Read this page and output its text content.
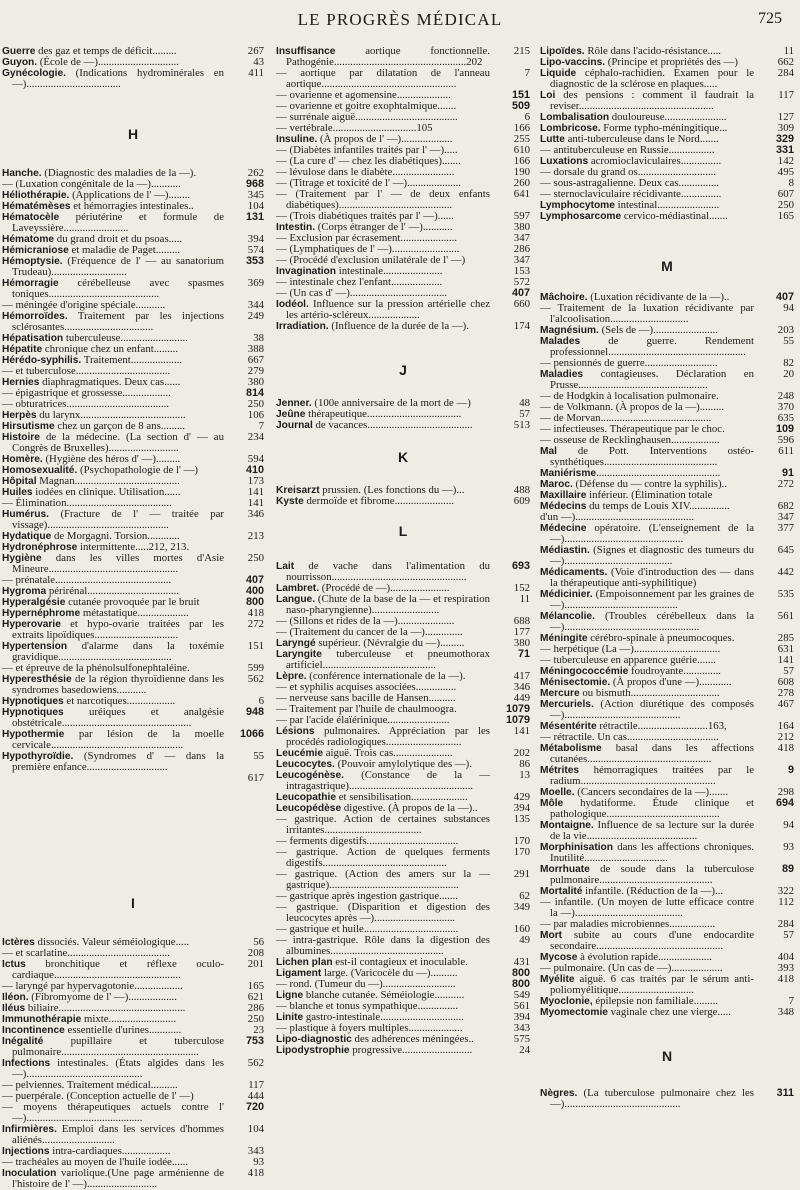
LE PROGRÈS MÉDICAL	725

267
Guerre des gaz et temps de déficit.........

43
Guyon. (École de —)..............................

411
Gynécologie. (Indications hydrominérales en —)...................................

H

262
Hanche. (Diagnostic des maladies de la —).

968
— (Luxation congénitale de la —)...........

345
Héliothérapie. (Applications de l' —)........

104
Hématémèses et hémorragies intestinales..

131
Hématocèle périutérine et formule de Laveyssière........................

394
Hématome du grand droit et du psoas.....

574
Hémicraniose et maladie de Paget.........

353
Hémoptysie. (Fréquence de l' — au sanatorium Trudeau)............................

369
Hémorragie cérébelleuse avec spasmes toniques.........................................

344
— méningée d'origine spéciale...........

249
Hémorroïdes. Traitement par les injections sclérosantes.................................

38
Hépatisation tuberculeuse.........................

388
Hépatite chronique chez un enfant.........

667
Hérédo-syphilis. Traitement...................

279
— et tuberculose...................................

380
Hernies diaphragmatiques. Deux cas......

814
— épigastrique et grossesse..................

250
— obturatrices......................................

106
Herpès du larynx.......................................

7
Hirsutisme chez un garçon de 8 ans.........

234
Histoire de la médecine. (La section d' — au Congrès de Bruxelles)..........................

594
Homère. (Hygiène des héros d' —).........

410
Homosexualité. (Psychopathologie de l' —)

173
Hôpital Magnan.......................................

141
Huiles iodées en clinique. Utilisation......

141
— Élimination.......................................

346
Humérus. (Fracture de l' — traitée par vissage).............................................

213
Hydatique de Morgagni. Torsion............

Hydronéphrose intermittente.....212, 213.

250
Hygiène dans les villes mortes d'Asie Mineure................................................

407
— prénatale...........................................

400
Hygroma périrénal..................................

800
Hyperalgésie cutanée provoquée par le bruit

418
Hypernéphrome métastatique...................

272
Hyperovarie et hypo-ovarie traitées par les extraits lipoïdiques...............................

151
Hypertension d'alarme dans la toxémie gravidique..........................................

599
— et épreuve de la phénolsulfonephtaléine.

562
Hyperesthésie de la région thyroïdienne dans les syndromes basedowiens...........

6
Hypnotiques et narcotiques..................

948
Hypnotiques uréiques et analgésie obstétricale................................................

1066
Hypothermie par lésion de la moelle cervicale.................................................

55
Hypothyroïdie. (Syndromes d' — dans la première enfance..............................

617

I

56
Ictères dissociés. Valeur séméiologique.....

208
— et scarlatine......................................

201
Ictus bronchitique et réflexe oculo-cardiaque...............................................

165
— laryngé par hypervagotonie..................

621
Iléon. (Fibromyome de l' —)..................

286
Iléus biliaire...............................................

250
Immunothérapie mixte.........................

23
Incontinence essentielle d'urines............

753
Inégalité pupillaire et tuberculose pulmonaire...................................................

562
Infections intestinales. (États algides dans les —)...........................................

117
— pelviennes. Traitement médical..........

444
— puerpérale. (Conception actuelle de l' —)

720
— moyens thérapeutiques actuels contre l' —)...........................................

104
Infirmières. Emploi dans les services d'hommes aliénés...........................

343
Injections intra-cardiaques..................

93
— trachéales au moyen de l'huile iodée......

418
Inoculation variolique.(Une page arménienne de l'histoire de l' —)..........................

215
Insuffisance aortique fonctionnelle. Pathogénie.................................................202

7
— aortique par dilatation de l'anneau aortique..................................................

151
— ovarienne et agomensine....................

509
— ovarienne et goitre exophtalmique.......

6
— surrénale aiguë......................................

166
— vertébrale...............................105

255
Insuline. (À propos de l' —)...................

610
— (Diabètes infantiles traités par l' —).....

166
— (La cure d' — chez les diabétiques).......

190
— lévulose dans le diabète.......................

260
— (Titrage et toxicité de l' —)....................

641
— (Traitement par l' — de deux enfants diabétiques)..........................................

597
— (Trois diabétiques traités par l' —)......

380
Intestin. (Corps étranger de l' —)...........

347
— Exclusion par écrasement.....................

286
— (Lymphatiques de l' —).........................

347
— (Procédé d'exclusion unilatérale de l' —)

153
Invagination intestinale......................

572
— intestinale chez l'enfant...................

407
— (Un cas d' —)....................................

660
Iodéol. Influence sur la pression artérielle chez les artério-scléreux...................

174
Irradiation. (Influence de la durée de la —).

J

48
Jenner. (100e anniversaire de la mort de —)

57
Jeûne thérapeutique...................................

513
Journal de vacances.......................................

K

488
Kreisarzt prussien. (Les fonctions du —)...

609
Kyste dermoïde et fibrome......................

L

693
Lait de vache dans l'alimentation du nourrisson..................................................

152
Lambret. (Procédé de —)......................

11
Langue. (Chute de la base de la — et respiration naso-pharyngienne).........................

688
— (Sillons et rides de la —).....................

177
— (Traitement du cancer de la —)..............

380
Laryngé supérieur. (Névralgie du —).........

71
Laryngite tuberculeuse et pneumothorax artificiel..........................................

417
Lèpre. (conférence internationale de la —).

346
— et syphilis acquises associées...............

449
— nerveuse sans bacille de Hansen..........

1079
— Traitement par l'huile de chaulmoogra.

1079
— par l'acide élaïérinique.......................

141
Lésions pulmonaires. Appréciation par les procédés radiologiques............................

202
Leucémie aiguë. Trois cas......................

86
Leucocytes. (Pouvoir amylolytique des —).

13
Leucogénèse. (Constance de la — intragastrique)..............................................

429
Leucopathie et sensibilisation.....................

394
Leucopédèse digestive. (À propos de la —)..

135
— gastrique. Action de certaines substances irritantes....................................

170
— ferments digestifs..................................

170
— gastrique. Action de quelques ferments digestifs..............................................

291
— gastrique. (Action des amers sur la — gastrique)................................................

62
— gastrique après ingestion gastrique.......

349
— gastrique. (Disparition et digestion des leucocytes après —)..............................

160
— gastrique et huile...................................

49
— intra-gastrique. Rôle dans la digestion des albumines..........................................

431
Lichen plan est-il contagieux et inoculable.

800
Ligament large. (Varicocèle du —)..........

800
— rond. (Tumeur du —)...........................

549
Ligne blanche cutanée. Séméiologie...........

561
— blanche et tonus sympathique...............

394
Linite gastro-intestinale...............................

343
— plastique à foyers multiples....................

575
Lipo-diagnostic des adhérences méningées..

24
Lipodystrophie progressive..........................

11
Lipoïdes. Rôle dans l'acido-résistance.....

662
Lipo-vaccins. (Principe et propriétés des —)

284
Liquide céphalo-rachidien. Examen pour le diagnostic de la sclérose en plaques.....

117
Loi des pensions : comment il faudrait la reviser..................................................

127
Lombalisation douloureuse.......................

309
Lombricose. Forme typho-méningitique...

329
Lutte anti-tuberculeuse dans le Nord.......

331
— antituberculeuse en Russie.................

142
Luxations acromioclaviculaires...............

495
— dorsale du grand os.............................

8
— sous-astragalienne. Deux cas...............

607
— sternoclaviculaire récidivante...............

250
Lymphocytome intestinal.......................

165
Lymphosarcome cervico-médiastinal.......

M

407
Mâchoire. (Luxation récidivante de la —)..

94
— Traitement de la luxation récidivante par l'alcoolisation.............................

203
Magnésium. (Sels de —)........................

55
Malades de guerre. Rendement professionnel...................................................

82
— pensionnés de guerre...........................

20
Maladies contagieuses. Déclaration en Prusse................................................

248
— de Hodgkin à localisation pulmonaire.

370
— de Volkmann. (À propos de la —).........

635
— de Morvan.........................................

109
— infectieuses. Thérapeutique par le choc.

596
— osseuse de Recklinghausen..................

611
Mal de Pott. Interventions ostéo-synthétiques..........................................

91
Maniérisme..............................................

272
Maroc. (Défense du — contre la syphilis)..

Maxillaire inférieur. (Élimination totale

682
Médecins du temps de Louis XIV...............

347
d'un —)............................................

377
Médecine opératoire. (L'enseignement de la —)............................................

645
Médiastin. (Signes et diagnostic des tumeurs du —)........................................

442
Médicaments. (Voie d'introduction des — dans la thérapeutique anti-syphilitique)

535
Médicinier. (Empoisonnement par les graines de —)..........................................

561
Mélancolie. (Troubles cérébelleux dans la —)..................................................

285
Méningite cérébro-spinale à pneumocoques.

631
— herpétique (La —)................................

141
— tuberculeuse en apparence guérie.......

57
Méningococcémie foudroyante..............

608
Ménisectomie. (À propos d'une —)............

278
Mercure ou bismuth.................................

467
Mercuriels. (Action diurétique des composés —)...........................................

164
Mésentérite rétractile..........................163,

212
— rétractile. Un cas..................................

418
Métabolisme basal dans les affections cutanées..............................................

9
Métrites hémorragiques traitées par le radium..................................................

298
Moelle. (Cancers secondaires de la —).......

694
Môle hydatiforme. Étude clinique et pathologique..........................................

94
Montaigne. Influence de sa lecture sur la durée de la vie.........................................

93
Morphinisation dans les affections chroniques. Inutilité...............................

89
Morrhuate de soude dans la tuberculose pulmonaire..........................................

322
Mortalité infantile. (Réduction de la —)...

112
— infantile. (Un moyen de lutte efficace contre la —)........................................

284
— par maladies microbiennes.................

57
Mort subite au cours d'une endocardite secondaire...............................................

404
Mycose à évolution rapide....................

393
— pulmonaire. (Un cas de —)...................

418
Myélite aiguë. 6 cas traités par le sérum anti-poliomyélitique............................

7
Myoclonie, épilepsie non familiale.........

348
Myomectomie vaginale chez une vierge.....

N

311
Nègres. (La tuberculose pulmonaire chez les —)...........................................
